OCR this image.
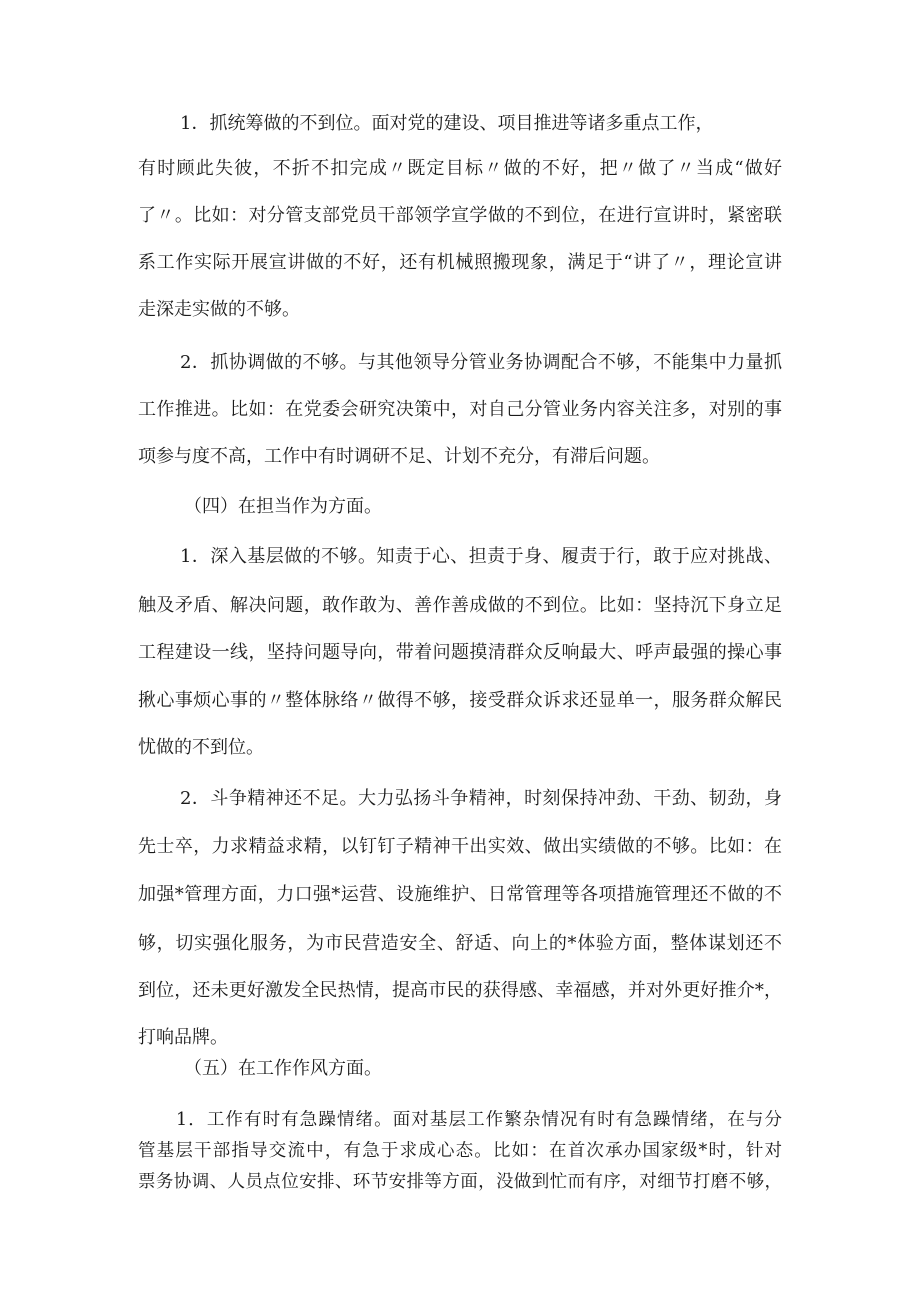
1．抓统筹做的不到位。面对党的建设、项目推进等诸多重点工作，
有时顾此失彼，不折不扣完成〃既定目标〃做的不好，把〃做了〃当成“做好
了〃。比如：对分管支部党员干部领学宣学做的不到位，在进行宣讲时，紧密联
系工作实际开展宣讲做的不好，还有机械照搬现象，满足于“讲了〃，理论宣讲
走深走实做的不够。
2．抓协调做的不够。与其他领导分管业务协调配合不够，不能集中力量抓
工作推进。比如：在党委会研究决策中，对自己分管业务内容关注多，对别的事
项参与度不高，工作中有时调研不足、计划不充分，有滞后问题。
（四）在担当作为方面。
1．深入基层做的不够。知责于心、担责于身、履责于行，敢于应对挑战、
触及矛盾、解决问题，敢作敢为、善作善成做的不到位。比如：坚持沉下身立足
工程建设一线，坚持问题导向，带着问题摸清群众反响最大、呼声最强的操心事
揪心事烦心事的〃整体脉络〃做得不够，接受群众诉求还显单一，服务群众解民
忧做的不到位。
2．斗争精神还不足。大力弘扬斗争精神，时刻保持冲劲、干劲、韧劲，身
先士卒，力求精益求精，以钉钉子精神干出实效、做出实绩做的不够。比如：在
加强*管理方面，力口强*运营、设施维护、日常管理等各项措施管理还不做的不
够，切实强化服务，为市民营造安全、舒适、向上的*体验方面，整体谋划还不
到位，还未更好激发全民热情，提高市民的获得感、幸福感，并对外更好推介*，
打响品牌。
（五）在工作作风方面。
1．工作有时有急躁情绪。面对基层工作繁杂情况有时有急躁情绪，在与分
管基层干部指导交流中，有急于求成心态。比如：在首次承办国家级*时，针对
票务协调、人员点位安排、环节安排等方面，没做到忙而有序，对细节打磨不够，
